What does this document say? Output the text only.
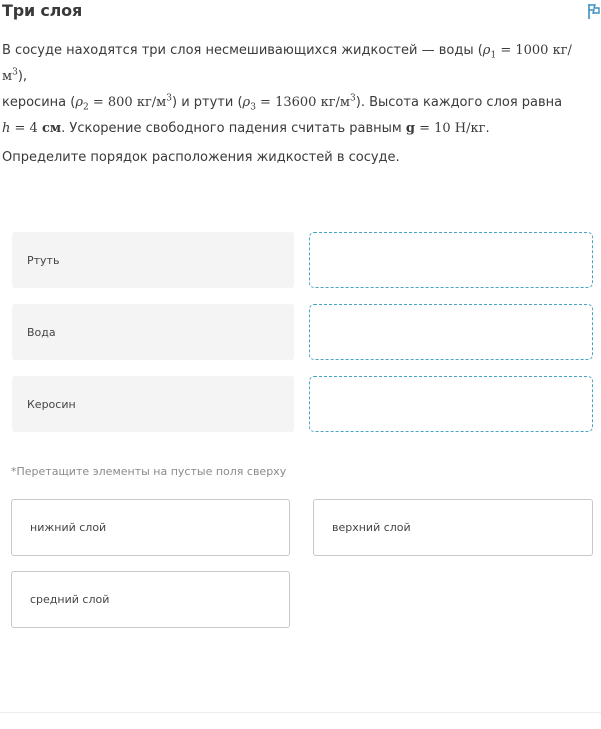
Три слоя
В сосуде находятся три слоя несмешивающихся жидкостей — воды ($\rho_1 = 1000$ $кг/м^3$),
керосина ($\rho_2 = 800$ $кг/м^3$) и ртути ($\rho_3 = 13600$ $кг/м^3$). Высота каждого слоя равна
h = 4 см. Ускорение свободного падения считать равным g = 10 Н/кг.
Определите порядок расположения жидкостей в сосуде.
Ртуть
Вода
Керосин
*Перетащите элементы на пустые поля сверху
нижний слой	верхний слой
средний слой
